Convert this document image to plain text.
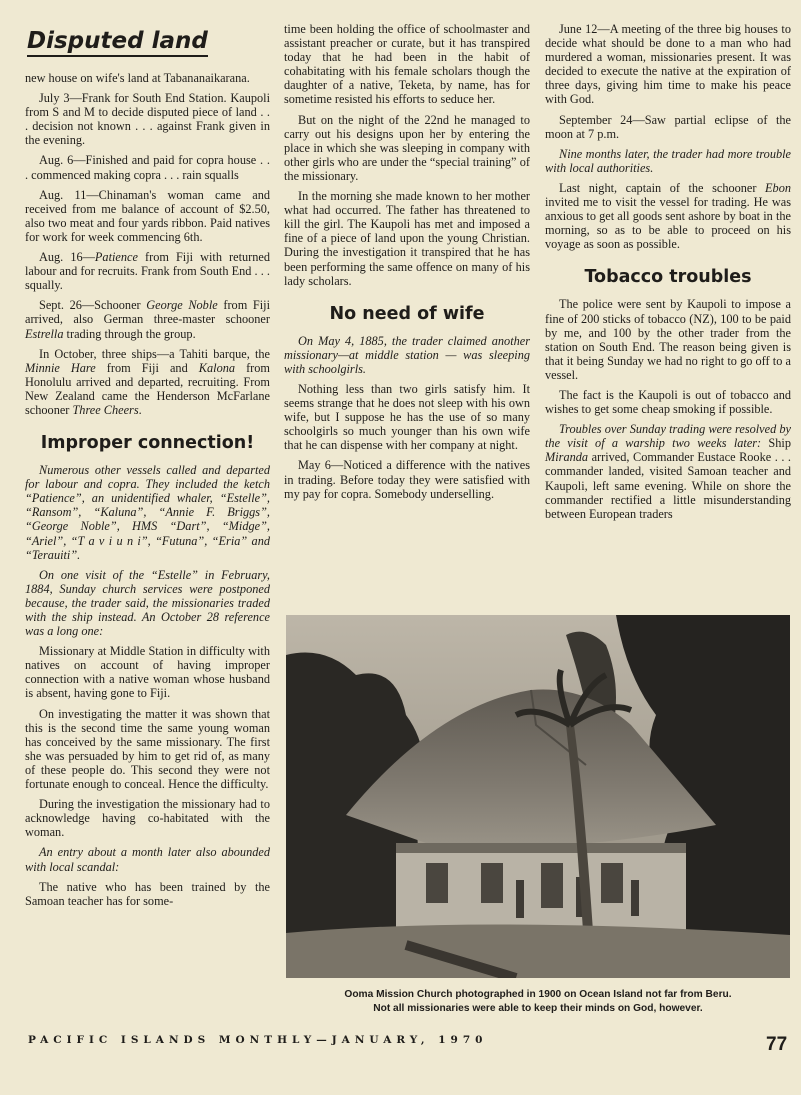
Disputed land

new house on wife's land at Tabananaikarana.

July 3—Frank for South End Station. Kaupoli from S and M to decide disputed piece of land . . . decision not known . . . against Frank given in the evening.

Aug. 6—Finished and paid for copra house . . . commenced making copra . . . rain squalls

Aug. 11—Chinaman's woman came and received from me balance of account of $2.50, also two meat and four yards ribbon. Paid natives for work for week commencing 6th.

Aug. 16—Patience from Fiji with returned labour and for recruits. Frank from South End . . . squally.

Sept. 26—Schooner George Noble from Fiji arrived, also German three-master schooner Estrella trading through the group.

In October, three ships—a Tahiti barque, the Minnie Hare from Fiji and Kalona from Honolulu arrived and departed, recruiting. From New Zealand came the Henderson McFarlane schooner Three Cheers.

Improper connection!

Numerous other vessels called and departed for labour and copra. They included the ketch “Patience”, an unidentified whaler, “Estelle”, “Ransom”, “Kaluna”, “Annie F. Briggs”, “George Noble”, HMS “Dart”, “Midge”, “Ariel”, “T a v i u n i”, “Futuna”, “Eria” and “Terauiti”.

On one visit of the “Estelle” in February, 1884, Sunday church services were postponed because, the trader said, the missionaries traded with the ship instead. An October 28 reference was a long one:

Missionary at Middle Station in difficulty with natives on account of having improper connection with a native woman whose husband is absent, having gone to Fiji.

On investigating the matter it was shown that this is the second time the same young woman has conceived by the same missionary. The first she was persuaded by him to get rid of, as many of these people do. This second they were not fortunate enough to conceal. Hence the difficulty.

During the investigation the missionary had to acknowledge having co-habitated with the woman.

An entry about a month later also abounded with local scandal:

The native who has been trained by the Samoan teacher has for some-

time been holding the office of schoolmaster and assistant preacher or curate, but it has transpired today that he had been in the habit of cohabitating with his female scholars though the daughter of a native, Teketa, by name, has for sometime resisted his efforts to seduce her.

But on the night of the 22nd he managed to carry out his designs upon her by entering the place in which she was sleeping in company with other girls who are under the “special training” of the missionary.

In the morning she made known to her mother what had occurred. The father has threatened to kill the girl. The Kaupoli has met and imposed a fine of a piece of land upon the young Christian. During the investigation it transpired that he has been performing the same offence on many of his lady scholars.

No need of wife

On May 4, 1885, the trader claimed another missionary—at middle station — was sleeping with schoolgirls.

Nothing less than two girls satisfy him. It seems strange that he does not sleep with his own wife, but I suppose he has the use of so many schoolgirls so much younger than his own wife that he can dispense with her company at night.

May 6—Noticed a difference with the natives in trading. Before today they were satisfied with my pay for copra. Somebody underselling.

June 12—A meeting of the three big houses to decide what should be done to a man who had murdered a woman, missionaries present. It was decided to execute the native at the expiration of three days, giving him time to make his peace with God.

September 24—Saw partial eclipse of the moon at 7 p.m.

Nine months later, the trader had more trouble with local authorities.

Last night, captain of the schooner Ebon invited me to visit the vessel for trading. He was anxious to get all goods sent ashore by boat in the morning, so as to be able to proceed on his voyage as soon as possible.

Tobacco troubles

The police were sent by Kaupoli to impose a fine of 200 sticks of tobacco (NZ), 100 to be paid by me, and 100 by the other trader from the station on South End. The reason being given is that it being Sunday we had no right to go off to a vessel.

The fact is the Kaupoli is out of tobacco and wishes to get some cheap smoking if possible.

Troubles over Sunday trading were resolved by the visit of a warship two weeks later: Ship Miranda arrived, Commander Eustace Rooke . . . commander landed, visited Samoan teacher and Kaupoli, left same evening. While on shore the commander rectified a little misunderstanding between European traders

Ooma Mission Church photographed in 1900 on Ocean Island not far from Beru.
Not all missionaries were able to keep their minds on God, however.
PACIFIC ISLANDS MONTHLY—JANUARY, 1970	77
